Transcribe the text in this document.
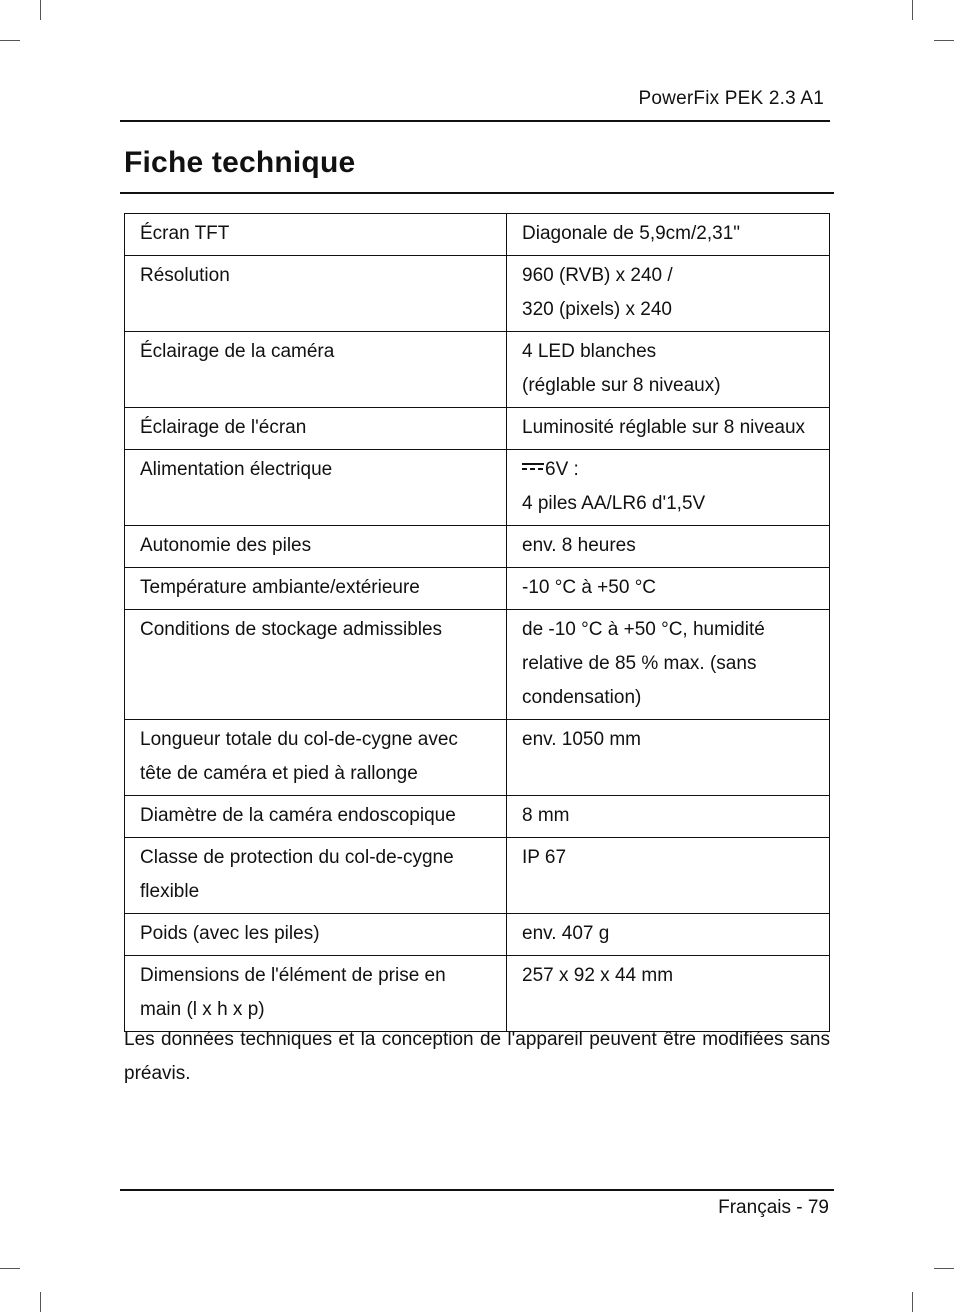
PowerFix PEK 2.3 A1
Fiche technique
Écran TFT	Diagonale de 5,9cm/2,31"
Résolution	960 (RVB) x 240 /
320 (pixels) x 240
Éclairage de la caméra	4 LED blanches
(réglable sur 8 niveaux)
Éclairage de l'écran	Luminosité réglable sur 8 niveaux
Alimentation électrique	6V :
4 piles AA/LR6 d'1,5V
Autonomie des piles	env. 8 heures
Température ambiante/extérieure	-10 °C à +50 °C
Conditions de stockage admissibles	de -10 °C à +50 °C, humidité relative de 85 % max. (sans condensation)
Longueur totale du col-de-cygne avec tête de caméra et pied à rallonge	env. 1050 mm
Diamètre de la caméra endoscopique	8 mm
Classe de protection du col-de-cygne flexible	IP 67
Poids (avec les piles)	env. 407 g
Dimensions de l'élément de prise en main (l x h x p)	257 x 92 x 44 mm

Les données techniques et la conception de l'appareil peuvent être modifiées sans préavis.

Français - 79
